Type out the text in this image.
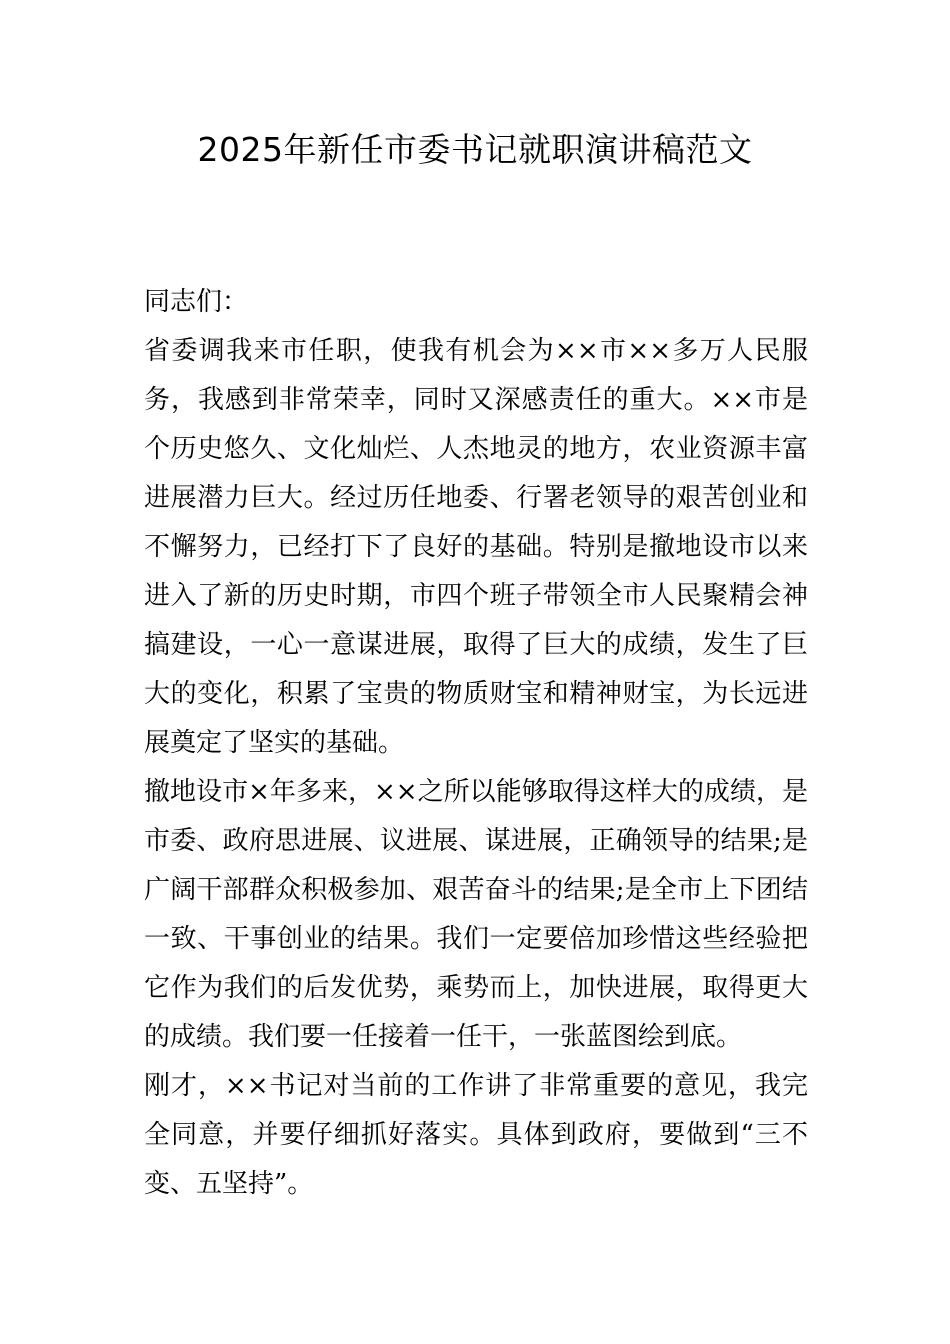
2025年新任市委书记就职演讲稿范文

同志们：

省委调我来市任职，使我有机会为××市××多万人民服务，我感到非常荣幸，同时又深感责任的重大。××市是个历史悠久、文化灿烂、人杰地灵的地方，农业资源丰富进展潜力巨大。经过历任地委、行署老领导的艰苦创业和不懈努力，已经打下了良好的基础。特别是撤地设市以来进入了新的历史时期，市四个班子带领全市人民聚精会神搞建设，一心一意谋进展，取得了巨大的成绩，发生了巨大的变化，积累了宝贵的物质财宝和精神财宝，为长远进展奠定了坚实的基础。

撤地设市×年多来，××之所以能够取得这样大的成绩，是市委、政府思进展、议进展、谋进展，正确领导的结果;是广阔干部群众积极参加、艰苦奋斗的结果;是全市上下团结一致、干事创业的结果。我们一定要倍加珍惜这些经验把它作为我们的后发优势，乘势而上，加快进展，取得更大的成绩。我们要一任接着一任干，一张蓝图绘到底。

刚才，××书记对当前的工作讲了非常重要的意见，我完全同意，并要仔细抓好落实。具体到政府，要做到“三不变、五坚持”。
